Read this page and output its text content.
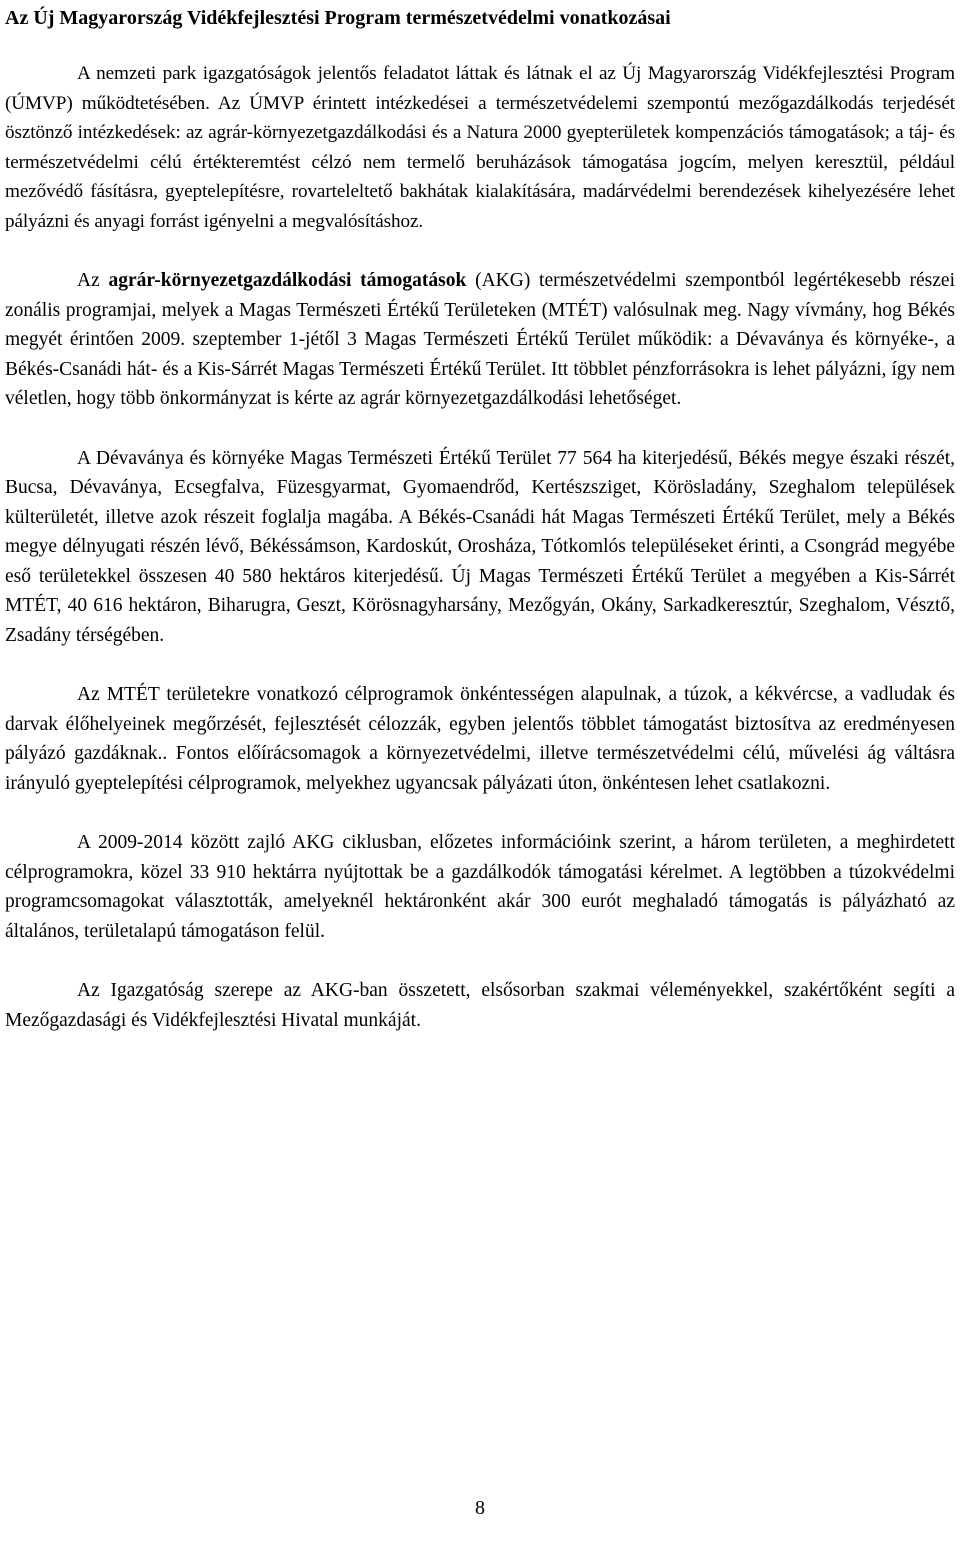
Az Új Magyarország Vidékfejlesztési Program természetvédelmi vonatkozásai

A nemzeti park igazgatóságok jelentős feladatot láttak és látnak el az Új Magyarország Vidékfejlesztési Program (ÚMVP) működtetésében. Az ÚMVP érintett intézkedései a természetvédelemi szempontú mezőgazdálkodás terjedését ösztönző intézkedések: az agrár-környezetgazdálkodási és a Natura 2000 gyepterületek kompenzációs támogatások; a táj- és természetvédelmi célú értékteremtést célzó nem termelő beruházások támogatása jogcím, melyen keresztül, például mezővédő fásításra, gyeptelepítésre, rovarteleltető bakhátak kialakítására, madárvédelmi berendezések kihelyezésére lehet pályázni és anyagi forrást igényelni a megvalósításhoz.

Az agrár-környezetgazdálkodási támogatások (AKG) természetvédelmi szempontból legértékesebb részei zonális programjai, melyek a Magas Természeti Értékű Területeken (MTÉT) valósulnak meg. Nagy vívmány, hog Békés megyét érintően 2009. szeptember 1-jétől 3 Magas Természeti Értékű Terület működik: a Dévaványa és környéke-, a Békés-Csanádi hát- és a Kis-Sárrét Magas Természeti Értékű Terület. Itt többlet pénzforrásokra is lehet pályázni, így nem véletlen, hogy több önkormányzat is kérte az agrár környezetgazdálkodási lehetőséget.

A Dévaványa és környéke Magas Természeti Értékű Terület 77 564 ha kiterjedésű, Békés megye északi részét, Bucsa, Dévaványa, Ecsegfalva, Füzesgyarmat, Gyomaendrőd, Kertészsziget, Körösladány, Szeghalom települések külterületét, illetve azok részeit foglalja magába. A Békés-Csanádi hát Magas Természeti Értékű Terület, mely a Békés megye délnyugati részén lévő, Békéssámson, Kardoskút, Orosháza, Tótkomlós településeket érinti, a Csongrád megyébe eső területekkel összesen 40 580 hektáros kiterjedésű. Új Magas Természeti Értékű Terület a megyében a Kis-Sárrét MTÉT, 40 616 hektáron, Biharugra, Geszt, Körösnagyharsány, Mezőgyán, Okány, Sarkadkeresztúr, Szeghalom, Vésztő, Zsadány térségében.

Az MTÉT területekre vonatkozó célprogramok önkéntességen alapulnak, a túzok, a kékvércse, a vadludak és darvak élőhelyeinek megőrzését, fejlesztését célozzák, egyben jelentős többlet támogatást biztosítva az eredményesen pályázó gazdáknak.. Fontos előírácsomagok a környezetvédelmi, illetve természetvédelmi célú, művelési ág váltásra irányuló gyeptelepítési célprogramok, melyekhez ugyancsak pályázati úton, önkéntesen lehet csatlakozni.

A 2009-2014 között zajló AKG ciklusban, előzetes információink szerint, a három területen, a meghirdetett célprogramokra, közel 33 910 hektárra nyújtottak be a gazdálkodók támogatási kérelmet. A legtöbben a túzokvédelmi programcsomagokat választották, amelyeknél hektáronként akár 300 eurót meghaladó támogatás is pályázható az általános, területalapú támogatáson felül.

Az Igazgatóság szerepe az AKG-ban összetett, elsősorban szakmai véleményekkel, szakértőként segíti a Mezőgazdasági és Vidékfejlesztési Hivatal munkáját.

8
